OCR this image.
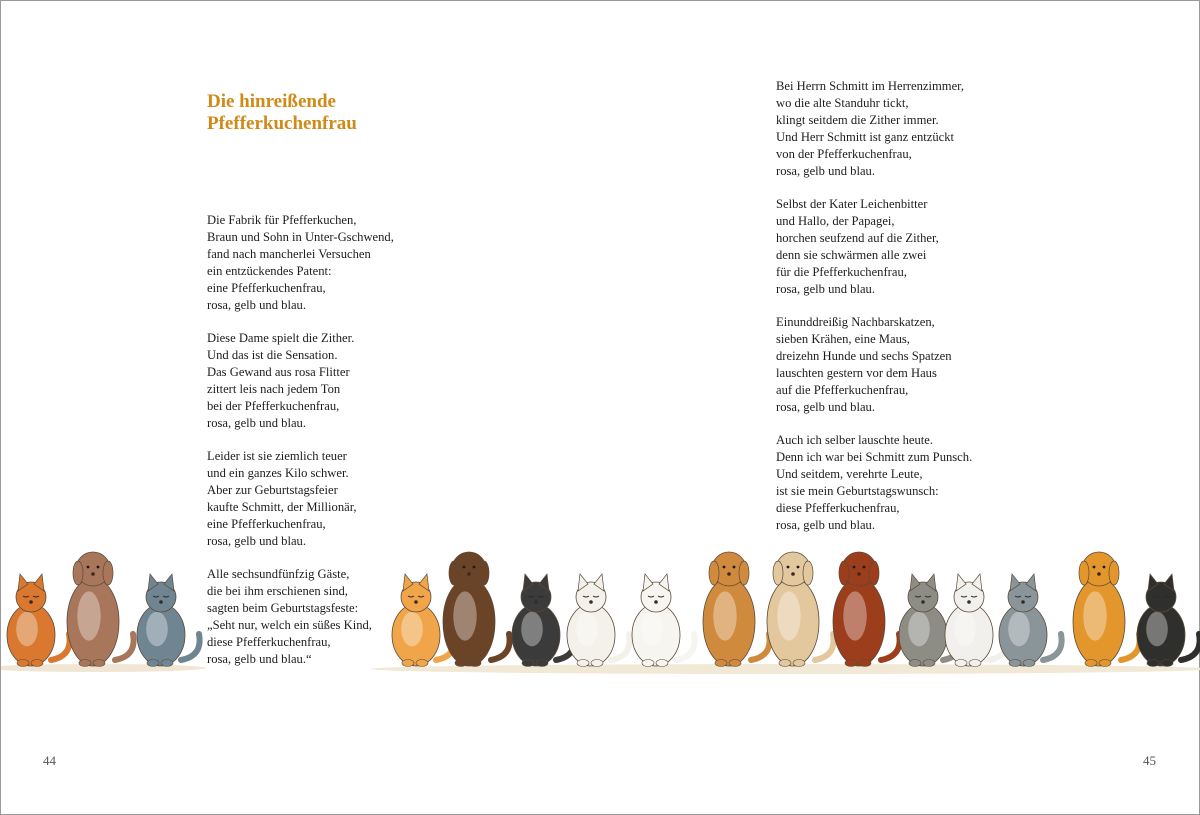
Die hinreißende
Pfefferkuchenfrau

Die Fabrik für Pfefferkuchen,
Braun und Sohn in Unter-Gschwend,
fand nach mancherlei Versuchen
ein entzückendes Patent:
eine Pfefferkuchenfrau,
rosa, gelb und blau.

Diese Dame spielt die Zither.
Und das ist die Sensation.
Das Gewand aus rosa Flitter
zittert leis nach jedem Ton
bei der Pfefferkuchenfrau,
rosa, gelb und blau.

Leider ist sie ziemlich teuer
und ein ganzes Kilo schwer.
Aber zur Geburtstagsfeier
kaufte Schmitt, der Millionär,
eine Pfefferkuchenfrau,
rosa, gelb und blau.

Alle sechsundfünfzig Gäste,
die bei ihm erschienen sind,
sagten beim Geburtstagsfeste:
„Seht nur, welch ein süßes Kind,
diese Pfefferkuchenfrau,
rosa, gelb und blau.“

Bei Herrn Schmitt im Herrenzimmer,
wo die alte Standuhr tickt,
klingt seitdem die Zither immer.
Und Herr Schmitt ist ganz entzückt
von der Pfefferkuchenfrau,
rosa, gelb und blau.

Selbst der Kater Leichenbitter
und Hallo, der Papagei,
horchen seufzend auf die Zither,
denn sie schwärmen alle zwei
für die Pfefferkuchenfrau,
rosa, gelb und blau.

Einunddreißig Nachbarskatzen,
sieben Krähen, eine Maus,
dreizehn Hunde und sechs Spatzen
lauschten gestern vor dem Haus
auf die Pfefferkuchenfrau,
rosa, gelb und blau.

Auch ich selber lauschte heute.
Denn ich war bei Schmitt zum Punsch.
Und seitdem, verehrte Leute,
ist sie mein Geburtstagswunsch:
diese Pfefferkuchenfrau,
rosa, gelb und blau.

44	45
